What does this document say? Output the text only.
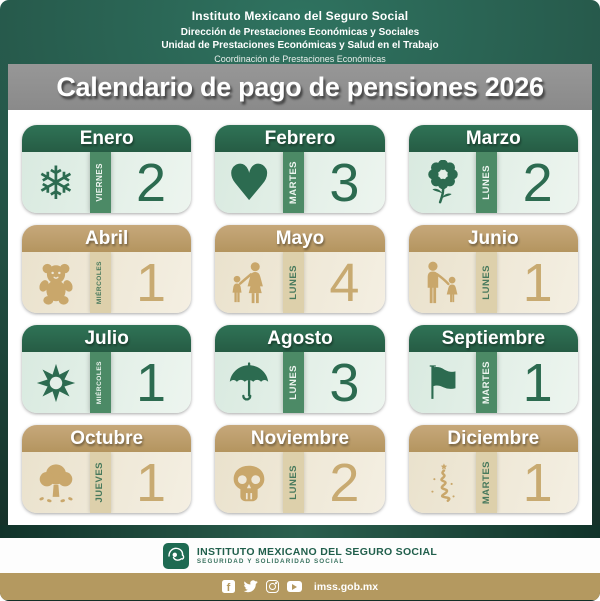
Instituto Mexicano del Seguro Social
Dirección de Prestaciones Económicas y Sociales
Unidad de Prestaciones Económicas y Salud en el Trabajo
Coordinación de Prestaciones Económicas
Calendario de pago de pensiones 2026
Enero
❄	VIERNES 2
Febrero
♥ MARTES 3
Marzo
LUNES 2
Abril
MIÉRCOLES 1
Mayo
LUNES 4
Junio
LUNES 1
Julio
MIÉRCOLES 1
Agosto
LUNES 3
Septiembre
⚑ MARTES 1
Octubre
JUEVES 1
Noviembre
LUNES 2
Diciembre
MARTES 1
INSTITUTO MEXICANO DEL SEGURO SOCIAL
SEGURIDAD Y SOLIDARIDAD SOCIAL
f	imss.gob.mx
